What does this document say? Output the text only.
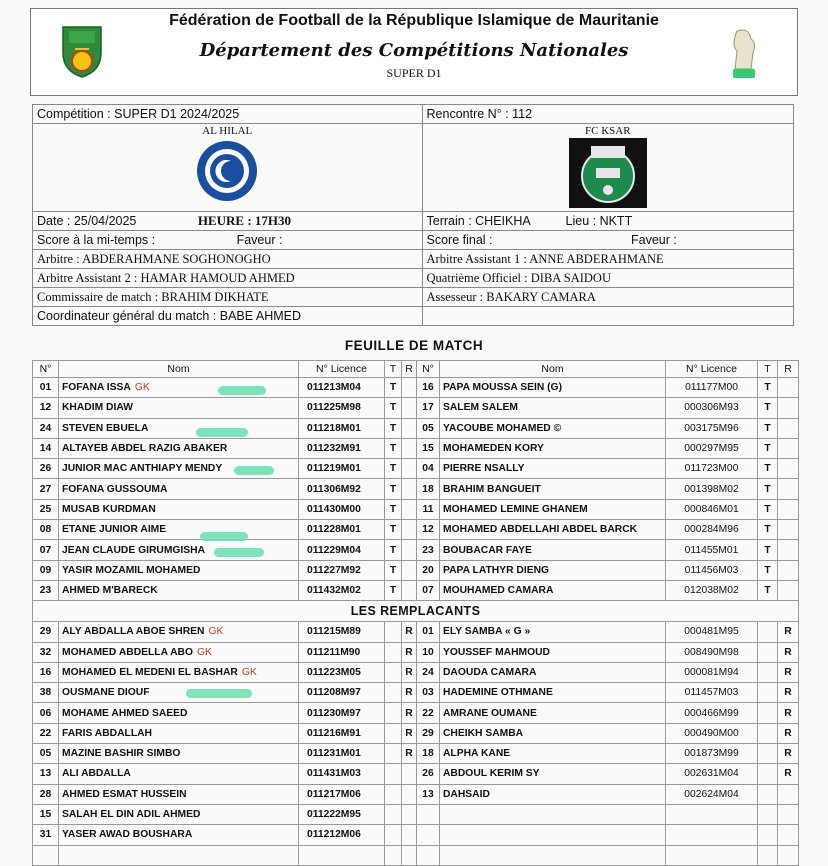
Fédération de Football de la République Islamique de Mauritanie
Département des Compétitions Nationales
SUPER D1
Compétition : SUPER D1 2024/2025	Rencontre N° : 112

AL HILAL	FC KSAR

Date : 25/04/2025 HEURE : 17H30	Terrain : CHEIKHA Lieu : NKTT
Score à la mi-temps : Faveur :	Score final : Faveur :
Arbitre : ABDERAHMANE SOGHONOGHO	Arbitre Assistant 1 : ANNE ABDERAHMANE
Arbitre Assistant 2 : HAMAR HAMOUD AHMED	Quatrième Officiel : DIBA SAIDOU
Commissaire de match : BRAHIM DIKHATE	Assesseur : BAKARY CAMARA
Coordinateur général du match : BABE AHMED	
FEUILLE DE MATCH
N°	Nom	N° Licence	T	R	N°	Nom	N° Licence	T	R
01	FOFANA ISSA GK	011213M04	T		16	PAPA MOUSSA SEIN (G)	011177M00	T	
12	KHADIM DIAW	011225M98	T		17	SALEM SALEM	000306M93	T	
24	STEVEN EBUELA	011218M01	T		05	YACOUBE MOHAMED ©	003175M96	T	
14	ALTAYEB ABDEL RAZIG ABAKER	011232M91	T		15	MOHAMEDEN KORY	000297M95	T	
26	JUNIOR MAC ANTHIAPY MENDY	011219M01	T		04	PIERRE NSALLY	011723M00	T	
27	FOFANA GUSSOUMA	011306M92	T		18	BRAHIM BANGUEIT	001398M02	T	
25	MUSAB KURDMAN	011430M00	T		11	MOHAMED LEMINE GHANEM	000846M01	T	
08	ETANE JUNIOR AIME	011228M01	T		12	MOHAMED ABDELLAHI ABDEL BARCK	000284M96	T	
07	JEAN CLAUDE GIRUMGISHA	011229M04	T		23	BOUBACAR FAYE	011455M01	T	
09	YASIR MOZAMIL MOHAMED	011227M92	T		20	PAPA LATHYR DIENG	011456M03	T	
23	AHMED M'BARECK	011432M02	T		07	MOUHAMED CAMARA	012038M02	T	
LES REMPLACANTS									
29	ALY ABDALLA ABOE SHREN GK	011215M89		R	01	ELY SAMBA « G »	000481M95		R
32	MOHAMED ABDELLA ABO GK	011211M90		R	10	YOUSSEF MAHMOUD	008490M98		R
16	MOHAMED EL MEDENI EL BASHAR GK	011223M05		R	24	DAOUDA CAMARA	000081M94		R
38	OUSMANE DIOUF	011208M97		R	03	HADEMINE OTHMANE	011457M03		R
06	MOHAME AHMED SAEED	011230M97		R	22	AMRANE OUMANE	000466M99		R
22	FARIS ABDALLAH	011216M91		R	29	CHEIKH SAMBA	000490M00		R
05	MAZINE BASHIR SIMBO	011231M01		R	18	ALPHA KANE	001873M99		R
13	ALI ABDALLA	011431M03			26	ABDOUL KERIM SY	002631M04		R
28	AHMED ESMAT HUSSEIN	011217M06			13	DAHSAID	002624M04		
15	SALAH EL DIN ADIL AHMED	011222M95							
31	YASER AWAD BOUSHARA	011212M06							
